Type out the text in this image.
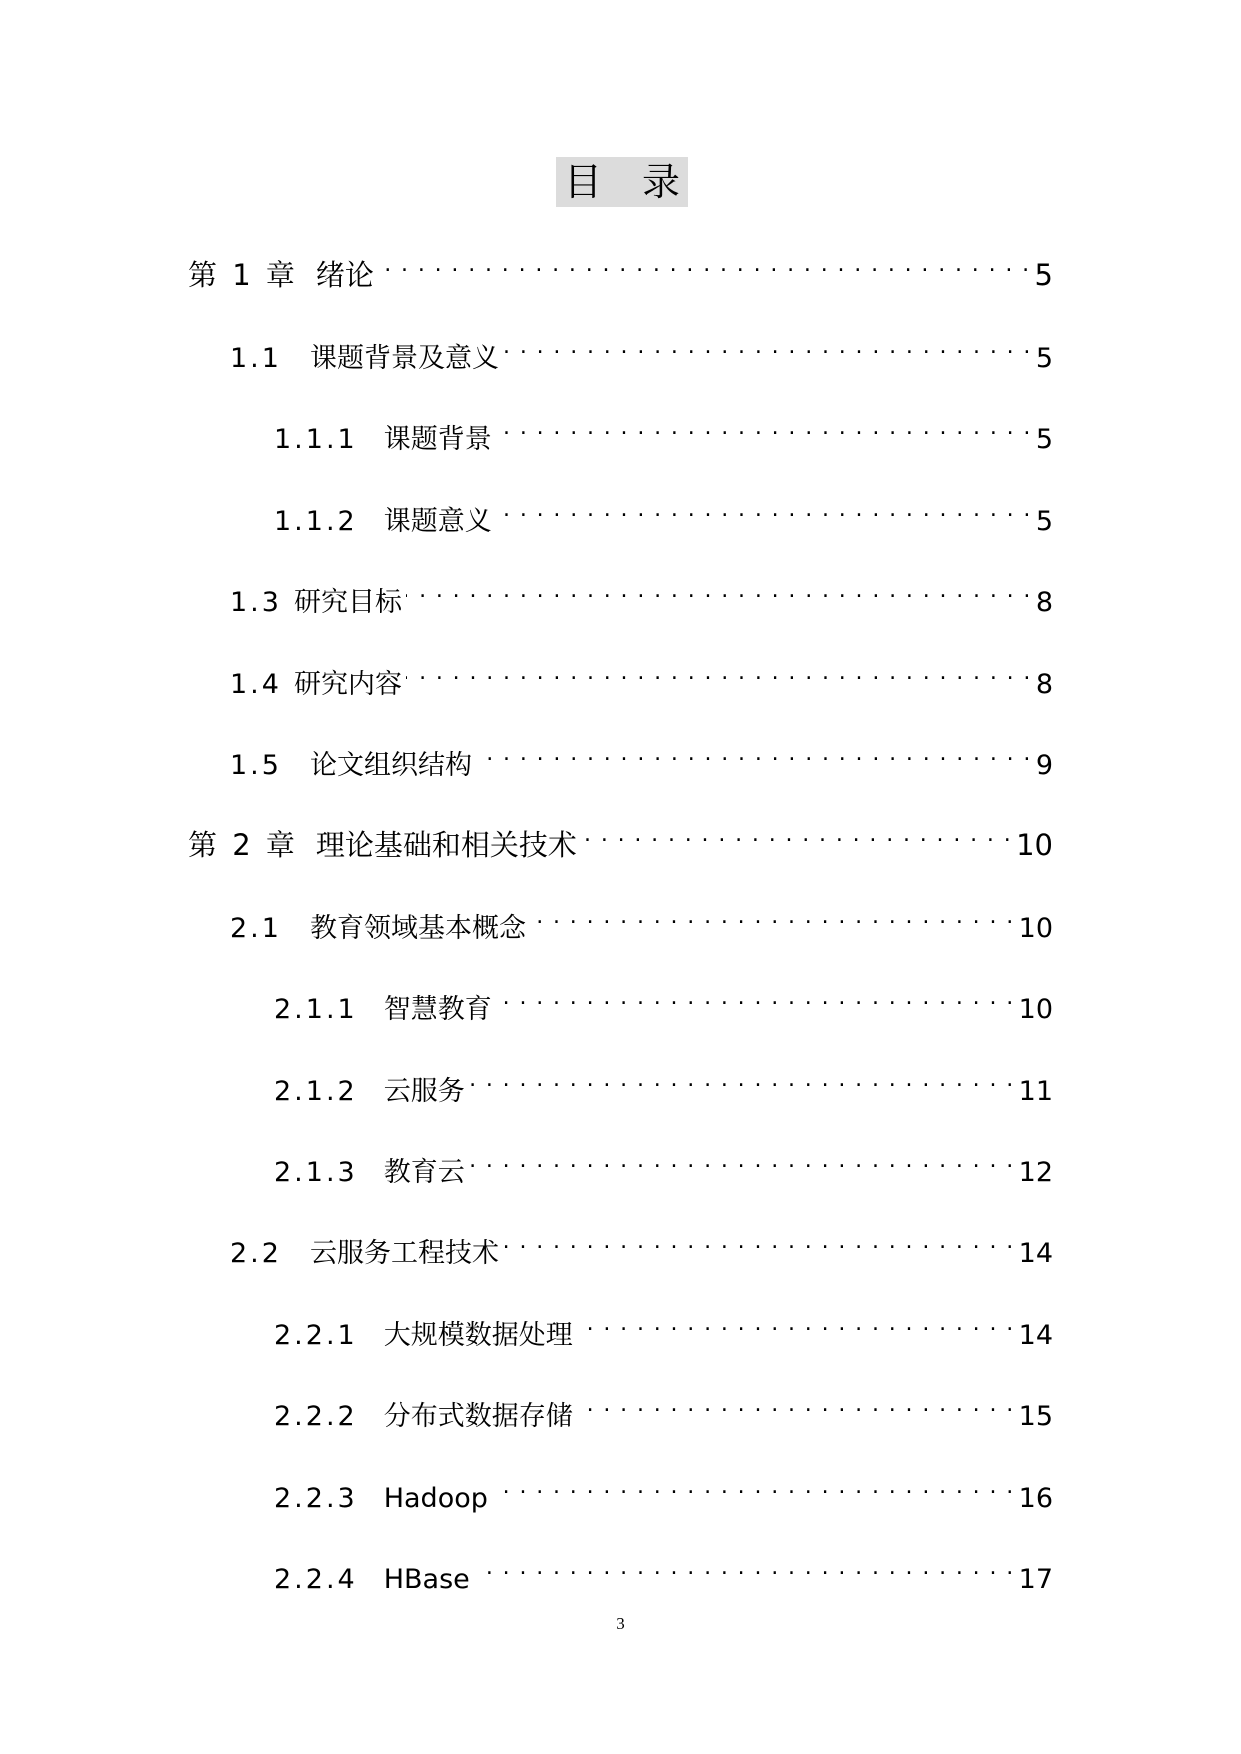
目 录
第 1 章 绪论 . . .	5
1.1 课题背景及意义 . . .	5
1.1.1 课题背景 . . .	5
1.1.2 课题意义 . . .	5
1.3 研究目标 . . .	8
1.4 研究内容 . . .	8
1.5 论文组织结构 . . .	9
第 2 章 理论基础和相关技术 . . .	10
2.1 教育领域基本概念 . . .	10
2.1.1 智慧教育 . . .	10
2.1.2 云服务 . . .	11
2.1.3 教育云 . . .	12
2.2 云服务工程技术 . . .	14
2.2.1 大规模数据处理 . . .	14
2.2.2 分布式数据存储 . . .	15
2.2.3 Hadoop . . .	16
2.2.4 HBase . . .	17
3
